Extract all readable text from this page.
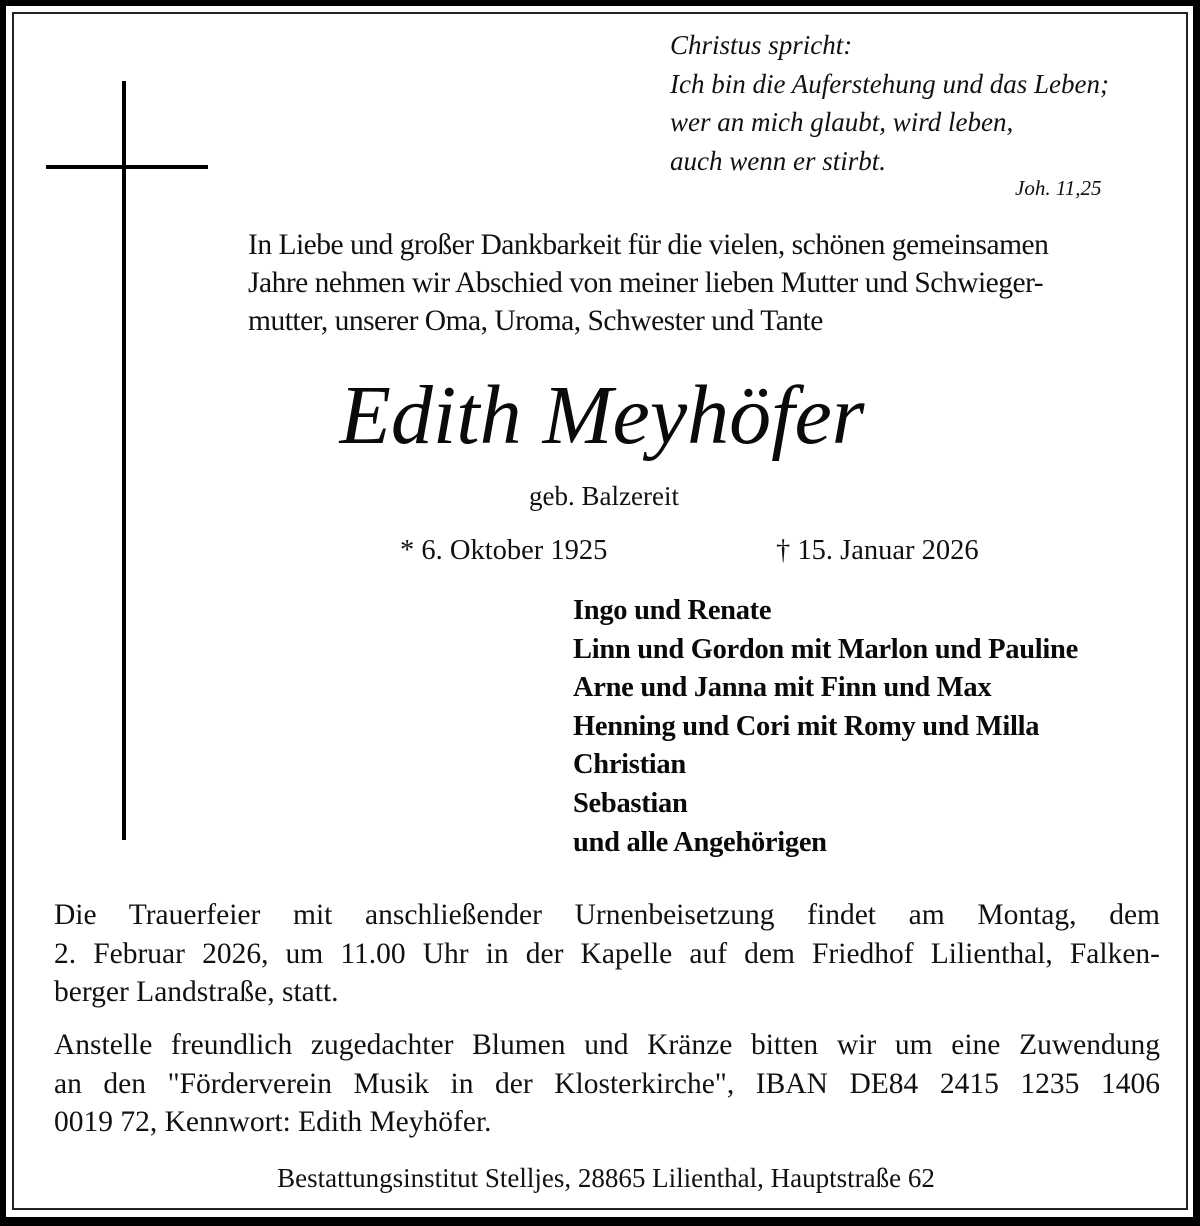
Christus spricht:
Ich bin die Auferstehung und das Leben;
wer an mich glaubt, wird leben,
auch wenn er stirbt.
Joh. 11,25
In Liebe und großer Dankbarkeit für die vielen, schönen gemeinsamen
Jahre nehmen wir Abschied von meiner lieben Mutter und Schwieger-
mutter, unserer Oma, Uroma, Schwester und Tante
Edith Meyhöfer
geb. Balzereit
* 6. Oktober 1925	† 15. Januar 2026
Ingo und Renate
Linn und Gordon mit Marlon und Pauline
Arne und Janna mit Finn und Max
Henning und Cori mit Romy und Milla
Christian
Sebastian
und alle Angehörigen
Die Trauerfeier mit anschließender Urnenbeisetzung findet am Montag, dem
2. Februar 2026, um 11.00 Uhr in der Kapelle auf dem Friedhof Lilienthal, Falken-
berger Landstraße, statt.
Anstelle freundlich zugedachter Blumen und Kränze bitten wir um eine Zuwendung
an den "Förderverein Musik in der Klosterkirche", IBAN DE84 2415 1235 1406
0019 72, Kennwort: Edith Meyhöfer.
Bestattungsinstitut Stelljes, 28865 Lilienthal, Hauptstraße 62
